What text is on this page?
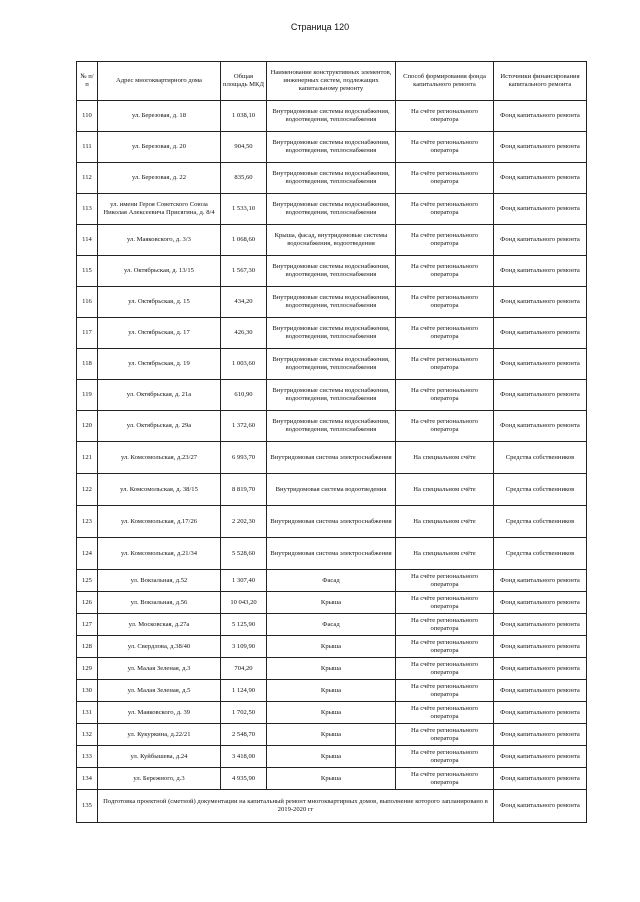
Страница 120
№ п/п	Адрес многоквартирного дома	Общая площадь МКД	Наименование конструктивных элементов, инженерных систем, подлежащих капитальному ремонту	Способ формирования фонда капитального ремонта	Источники финансирования капитального ремонта
110	ул. Березовая, д. 18	1 038,10	Внутридомовые системы водоснабжения, водоотведения, теплоснабжения	На счёте регионального оператора	Фонд капитального ремонта
111	ул. Березовая, д. 20	904,50	Внутридомовые системы водоснабжения, водоотведения, теплоснабжения	На счёте регионального оператора	Фонд капитального ремонта
112	ул. Березовая, д. 22	835,60	Внутридомовые системы водоснабжения, водоотведения, теплоснабжения	На счёте регионального оператора	Фонд капитального ремонта
113	ул. имени Героя Советского Союза Николая Алексеевича Присягина, д. 8/4	1 533,10	Внутридомовые системы водоснабжения, водоотведения, теплоснабжения	На счёте регионального оператора	Фонд капитального ремонта
114	ул. Маяковского, д. 3/3	1 068,60	Крыша, фасад, внутридомовые системы водоснабжения, водоотведения	На счёте регионального оператора	Фонд капитального ремонта
115	ул. Октябрьская, д. 13/15	1 567,30	Внутридомовые системы водоснабжения, водоотведения, теплоснабжения	На счёте регионального оператора	Фонд капитального ремонта
116	ул. Октябрьская, д. 15	434,20	Внутридомовые системы водоснабжения, водоотведения, теплоснабжения	На счёте регионального оператора	Фонд капитального ремонта
117	ул. Октябрьская, д. 17	426,30	Внутридомовые системы водоснабжения, водоотведения, теплоснабжения	На счёте регионального оператора	Фонд капитального ремонта
118	ул. Октябрьская, д. 19	1 003,60	Внутридомовые системы водоснабжения, водоотведения, теплоснабжения	На счёте регионального оператора	Фонд капитального ремонта
119	ул. Октябрьская, д. 21а	610,90	Внутридомовые системы водоснабжения, водоотведения, теплоснабжения	На счёте регионального оператора	Фонд капитального ремонта
120	ул. Октябрьская, д. 29а	1 372,60	Внутридомовые системы водоснабжения, водоотведения, теплоснабжения	На счёте регионального оператора	Фонд капитального ремонта
121	ул. Комсомольская, д.23/27	6 993,70	Внутридомовая система электроснабжения	На специальном счёте	Средства собственников
122	ул. Комсомольская, д. 38/15	8 819,70	Внутридомовая система водоотведения	На специальном счёте	Средства собственников
123	ул. Комсомольская, д.17/26	2 202,30	Внутридомовая система электроснабжения	На специальном счёте	Средства собственников
124	ул. Комсомольская, д.21/34	5 528,60	Внутридомовая система электроснабжения	На специальном счёте	Средства собственников
125	ул. Вокзальная, д.52	1 307,40	Фасад	На счёте регионального оператора	Фонд капитального ремонта
126	ул. Вокзальная, д.56	10 043,20	Крыша	На счёте регионального оператора	Фонд капитального ремонта
127	ул. Московская, д.27а	5 125,90	Фасад	На счёте регионального оператора	Фонд капитального ремонта
128	ул. Свердлова, д.38/40	3 109,90	Крыша	На счёте регионального оператора	Фонд капитального ремонта
129	ул. Малая Зеленая, д.3	704,20	Крыша	На счёте регионального оператора	Фонд капитального ремонта
130	ул. Малая Зеленая, д.5	1 124,90	Крыша	На счёте регионального оператора	Фонд капитального ремонта
131	ул. Маяковского, д. 39	1 702,50	Крыша	На счёте регионального оператора	Фонд капитального ремонта
132	ул. Кукуркина, д.22/21	2 548,70	Крыша	На счёте регионального оператора	Фонд капитального ремонта
133	ул. Куйбышева, д.24	3 418,00	Крыша	На счёте регионального оператора	Фонд капитального ремонта
134	ул. Бережного, д.3	4 935,90	Крыша	На счёте регионального оператора	Фонд капитального ремонта
135	Подготовка проектной (сметной) документации на капитальный ремонт многоквартирных домов, выполнение которого запланировано в 2019-2020 гг				Фонд капитального ремонта
